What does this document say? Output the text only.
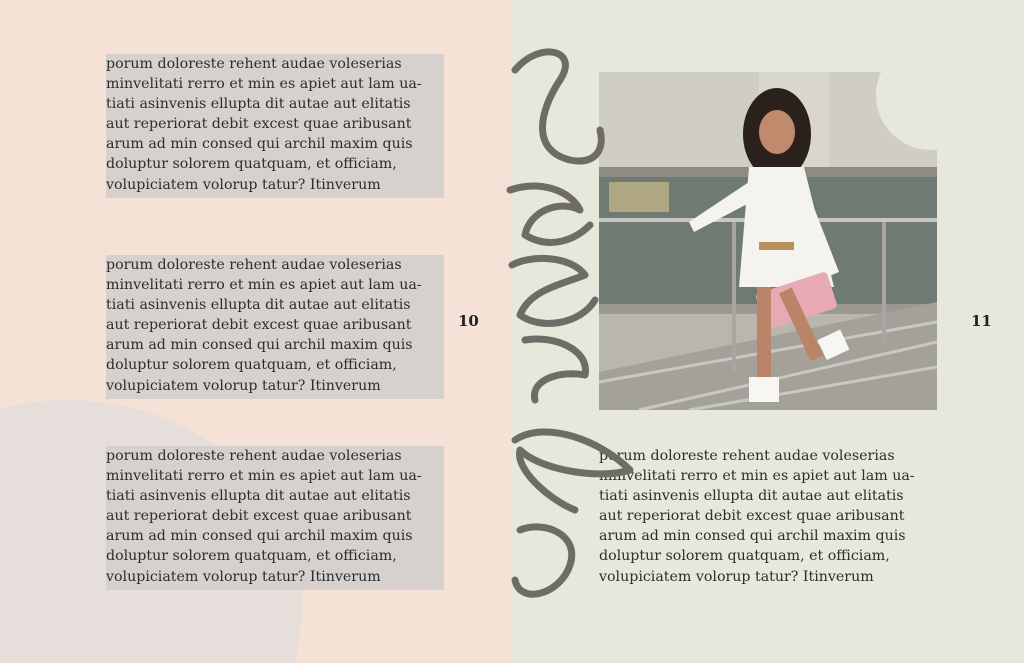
porum doloreste rehent audae voleserias
minvelitati rerro et min es apiet aut lam ua-
tiati asinvenis ellupta dit autae aut elitatis
aut reperiorat debit excest quae aribusant
arum ad min consed qui archil maxim quis
doluptur solorem quatquam, et officiam,
volupiciatem volorup tatur? Itinverum
porum doloreste rehent audae voleserias
minvelitati rerro et min es apiet aut lam ua-
tiati asinvenis ellupta dit autae aut elitatis
aut reperiorat debit excest quae aribusant
arum ad min consed qui archil maxim quis
doluptur solorem quatquam, et officiam,
volupiciatem volorup tatur? Itinverum
porum doloreste rehent audae voleserias
minvelitati rerro et min es apiet aut lam ua-
tiati asinvenis ellupta dit autae aut elitatis
aut reperiorat debit excest quae aribusant
arum ad min consed qui archil maxim quis
doluptur solorem quatquam, et officiam,
volupiciatem volorup tatur? Itinverum
10	11
porum doloreste rehent audae voleserias
minvelitati rerro et min es apiet aut lam ua-
tiati asinvenis ellupta dit autae aut elitatis
aut reperiorat debit excest quae aribusant
arum ad min consed qui archil maxim quis
doluptur solorem quatquam, et officiam,
volupiciatem volorup tatur? Itinverum
